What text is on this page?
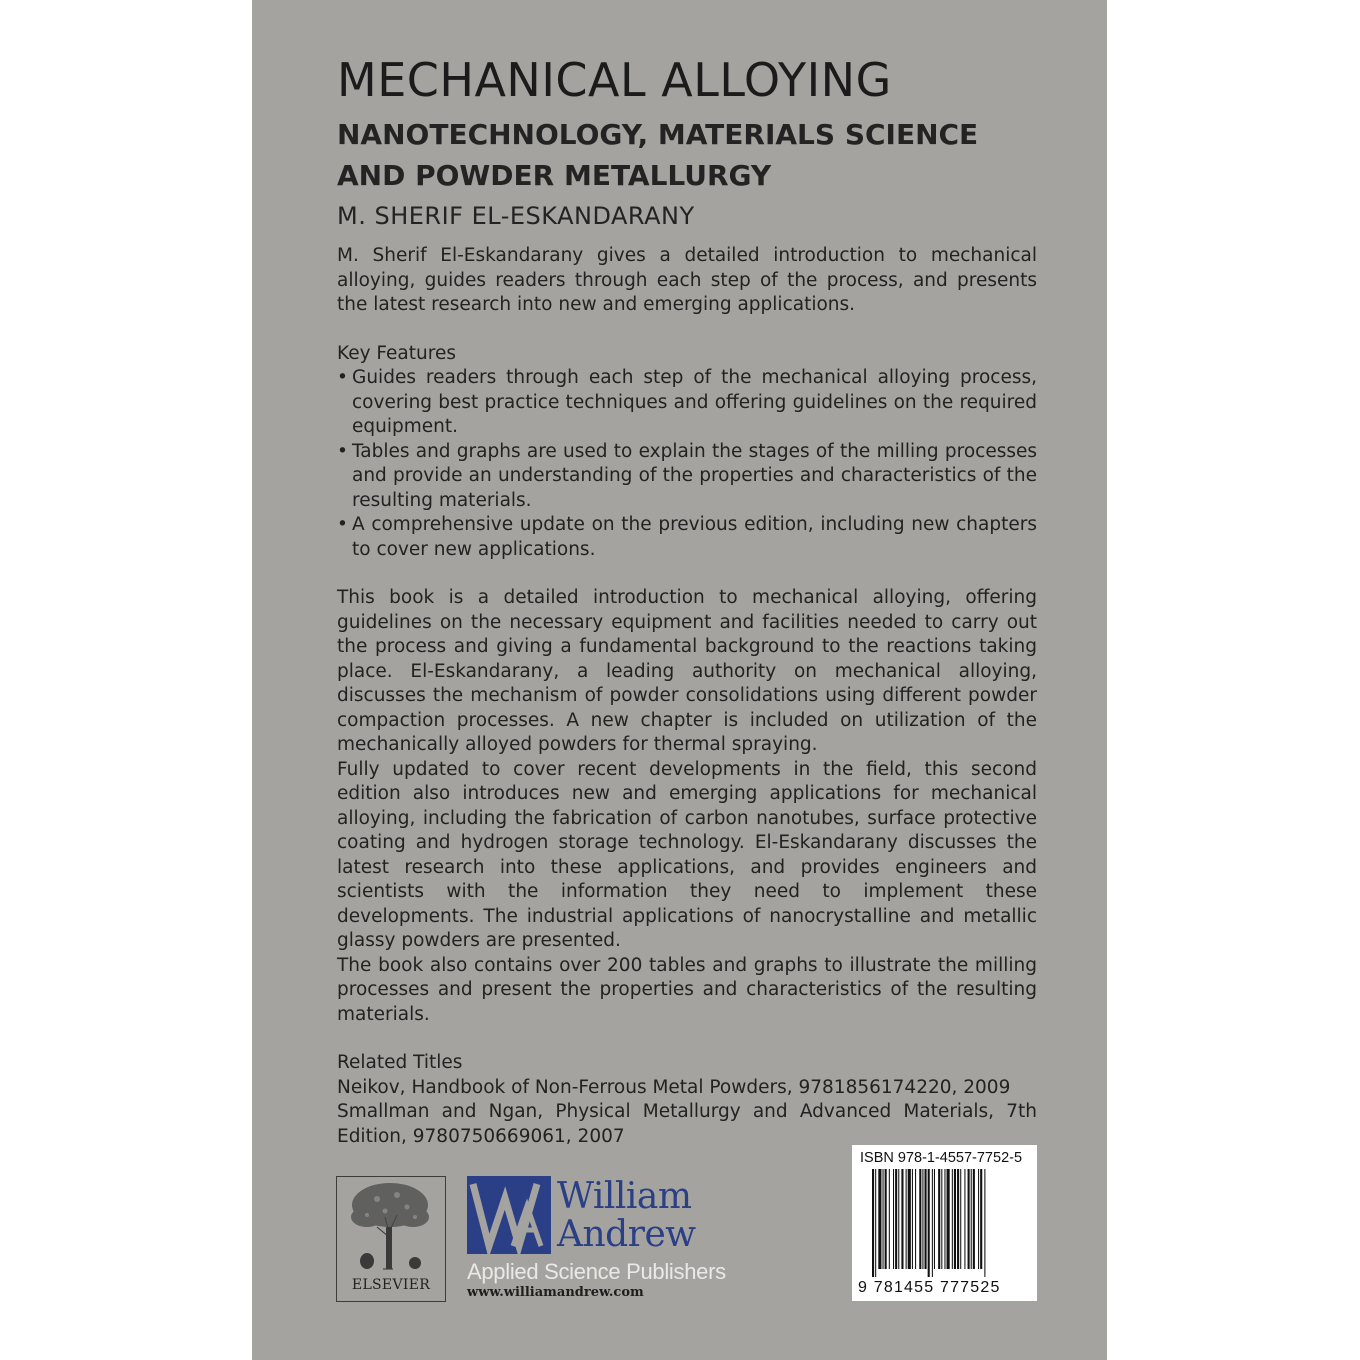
MECHANICAL ALLOYING
NANOTECHNOLOGY, MATERIALS SCIENCE
AND POWDER METALLURGY
M. SHERIF EL-ESKANDARANY

M. Sherif El-Eskandarany gives a detailed introduction to mechanical alloying, guides readers through each step of the process, and presents the latest research into new and emerging applications.

Key Features

• Guides readers through each step of the mechanical alloying process, covering best practice techniques and offering guidelines on the required equipment.
• Tables and graphs are used to explain the stages of the milling processes and provide an understanding of the properties and characteristics of the resulting materials.
• A comprehensive update on the previous edition, including new chapters to cover new applications.

This book is a detailed introduction to mechanical alloying, offering guidelines on the necessary equipment and facilities needed to carry out the process and giving a fundamental background to the reactions taking place. El-Eskandarany, a leading authority on mechanical alloying, discusses the mechanism of powder consolidations using different powder compaction processes. A new chapter is included on utilization of the mechanically alloyed powders for thermal spraying.

Fully updated to cover recent developments in the field, this second edition also introduces new and emerging applications for mechanical alloying, including the fabrication of carbon nanotubes, surface protective coating and hydrogen storage technology. El-Eskandarany discusses the latest research into these applications, and provides engineers and scientists with the information they need to implement these developments. The industrial applications of nanocrystalline and metallic glassy powders are presented.

The book also contains over 200 tables and graphs to illustrate the milling processes and present the properties and characteristics of the resulting materials.

Related Titles

Neikov, Handbook of Non-Ferrous Metal Powders, 9781856174220, 2009

Smallman and Ngan, Physical Metallurgy and Advanced Materials, 7th Edition, 9780750669061, 2007

ELSEVIER
William
Andrew
Applied Science Publishers
www.williamandrew.com
ISBN 978-1-4557-7752-5
9 781455 777525
